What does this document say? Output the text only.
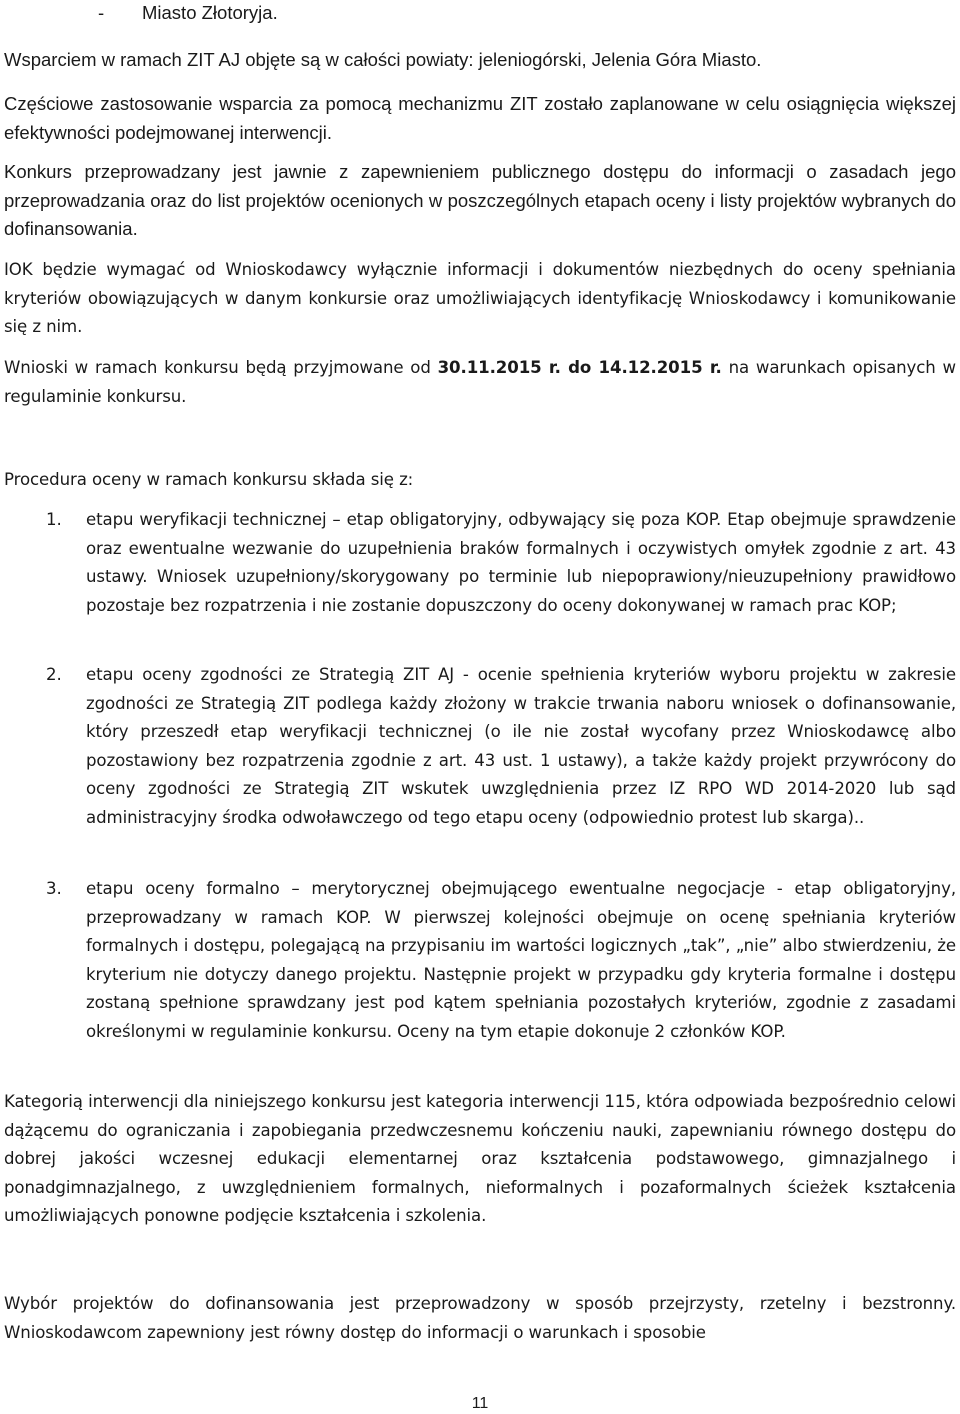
- Miasto Złotoryja.

Wsparciem w ramach ZIT AJ objęte są w całości powiaty: jeleniogórski, Jelenia Góra Miasto.

Częściowe zastosowanie wsparcia za pomocą mechanizmu ZIT zostało zaplanowane w celu osiągnięcia większej efektywności podejmowanej interwencji.

Konkurs przeprowadzany jest jawnie z zapewnieniem publicznego dostępu do informacji o zasadach jego przeprowadzania oraz do list projektów ocenionych w poszczególnych etapach oceny i listy projektów wybranych do dofinansowania.

IOK będzie wymagać od Wnioskodawcy wyłącznie informacji i dokumentów niezbędnych do oceny spełniania kryteriów obowiązujących w danym konkursie oraz umożliwiających identyfikację Wnioskodawcy i komunikowanie się z nim.

Wnioski w ramach konkursu będą przyjmowane od 30.11.2015 r. do 14.12.2015 r. na warunkach opisanych w regulaminie konkursu.

Procedura oceny w ramach konkursu składa się z:

1.	etapu weryfikacji technicznej – etap obligatoryjny, odbywający się poza KOP. Etap obejmuje sprawdzenie oraz ewentualne wezwanie do uzupełnienia braków formalnych i oczywistych omyłek zgodnie z art. 43 ustawy. Wniosek uzupełniony/skorygowany po terminie lub niepoprawiony/nieuzupełniony prawidłowo pozostaje bez rozpatrzenia i nie zostanie dopuszczony do oceny dokonywanej w ramach prac KOP;

2.	etapu oceny zgodności ze Strategią ZIT AJ - ocenie spełnienia kryteriów wyboru projektu w zakresie zgodności ze Strategią ZIT podlega każdy złożony w trakcie trwania naboru wniosek o dofinansowanie, który przeszedł etap weryfikacji technicznej (o ile nie został wycofany przez Wnioskodawcę albo pozostawiony bez rozpatrzenia zgodnie z art. 43 ust. 1 ustawy), a także każdy projekt przywrócony do oceny zgodności ze Strategią ZIT wskutek uwzględnienia przez IZ RPO WD 2014-2020 lub sąd administracyjny środka odwoławczego od tego etapu oceny (odpowiednio protest lub skarga)..

3.	etapu oceny formalno – merytorycznej obejmującego ewentualne negocjacje - etap obligatoryjny, przeprowadzany w ramach KOP. W pierwszej kolejności obejmuje on ocenę spełniania kryteriów formalnych i dostępu, polegającą na przypisaniu im wartości logicznych „tak”, „nie” albo stwierdzeniu, że kryterium nie dotyczy danego projektu. Następnie projekt w przypadku gdy kryteria formalne i dostępu zostaną spełnione sprawdzany jest pod kątem spełniania pozostałych kryteriów, zgodnie z zasadami określonymi w regulaminie konkursu. Oceny na tym etapie dokonuje 2 członków KOP.

Kategorią interwencji dla niniejszego konkursu jest kategoria interwencji 115, która odpowiada bezpośrednio celowi dążącemu do ograniczania i zapobiegania przedwczesnemu kończeniu nauki, zapewnianiu równego dostępu do dobrej jakości wczesnej edukacji elementarnej oraz kształcenia podstawowego, gimnazjalnego i ponadgimnazjalnego, z uwzględnieniem formalnych, nieformalnych i pozaformalnych ścieżek kształcenia umożliwiających ponowne podjęcie kształcenia i szkolenia.

Wybór projektów do dofinansowania jest przeprowadzony w sposób przejrzysty, rzetelny i bezstronny. Wnioskodawcom zapewniony jest równy dostęp do informacji o warunkach i sposobie

11
